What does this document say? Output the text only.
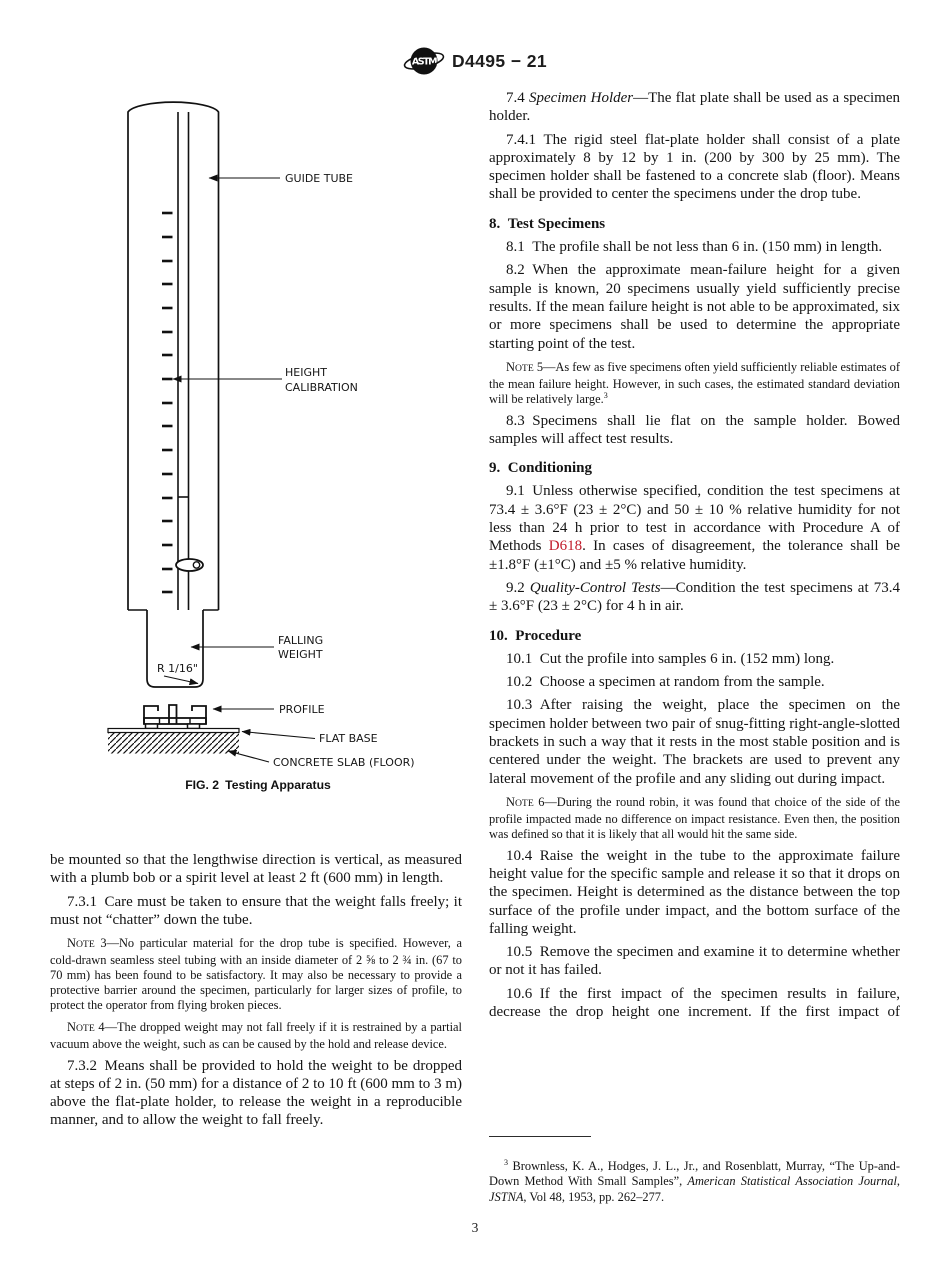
ASTM D4495 − 21
GUIDE TUBE
HEIGHT
CALIBRATION
FALLING
WEIGHT
R 1/16"
PROFILE
FLAT BASE
CONCRETE SLAB (FLOOR)
FIG. 2 Testing Apparatus

be mounted so that the lengthwise direction is vertical, as measured with a plumb bob or a spirit level at least 2 ft (600 mm) in length.

7.3.1 Care must be taken to ensure that the weight falls freely; it must not “chatter” down the tube.

NOTE 3—No particular material for the drop tube is specified. However, a cold-drawn seamless steel tubing with an inside diameter of 2 ⅝ to 2 ¾ in. (67 to 70 mm) has been found to be satisfactory. It may also be necessary to provide a protective barrier around the specimen, particularly for larger sizes of profile, to protect the operator from flying broken pieces.

NOTE 4—The dropped weight may not fall freely if it is restrained by a partial vacuum above the weight, such as can be caused by the hold and release device.

7.3.2 Means shall be provided to hold the weight to be dropped at steps of 2 in. (50 mm) for a distance of 2 to 10 ft (600 mm to 3 m) above the flat-plate holder, to release the weight in a reproducible manner, and to allow the weight to fall freely.

7.4 Specimen Holder—The flat plate shall be used as a specimen holder.

7.4.1 The rigid steel flat-plate holder shall consist of a plate approximately 8 by 12 by 1 in. (200 by 300 by 25 mm). The specimen holder shall be fastened to a concrete slab (floor). Means shall be provided to center the specimens under the drop tube.

8. Test Specimens

8.1 The profile shall be not less than 6 in. (150 mm) in length.

8.2 When the approximate mean-failure height for a given sample is known, 20 specimens usually yield sufficiently precise results. If the mean failure height is not able to be approximated, six or more specimens shall be used to determine the appropriate starting point of the test.

NOTE 5—As few as five specimens often yield sufficiently reliable estimates of the mean failure height. However, in such cases, the estimated standard deviation will be relatively large.$^3$

8.3 Specimens shall lie flat on the sample holder. Bowed samples will affect test results.

9. Conditioning

9.1 Unless otherwise specified, condition the test specimens at 73.4 ± 3.6°F (23 ± 2°C) and 50 ± 10 % relative humidity for not less than 24 h prior to test in accordance with Procedure A of Methods D618. In cases of disagreement, the tolerance shall be ±1.8°F (±1°C) and ±5 % relative humidity.

9.2 Quality-Control Tests—Condition the test specimens at 73.4 ± 3.6°F (23 ± 2°C) for 4 h in air.

10. Procedure

10.1 Cut the profile into samples 6 in. (152 mm) long.

10.2 Choose a specimen at random from the sample.

10.3 After raising the weight, place the specimen on the specimen holder between two pair of snug-fitting right-angle-slotted brackets in such a way that it rests in the most stable position and is centered under the weight. The brackets are used to prevent any lateral movement of the profile and any sliding out during impact.

NOTE 6—During the round robin, it was found that choice of the side of the profile impacted made no difference on impact resistance. Even then, the position was defined so that it is likely that all would hit the same side.

10.4 Raise the weight in the tube to the approximate failure height value for the specific sample and release it so that it drops on the specimen. Height is determined as the distance between the top surface of the profile under impact, and the bottom surface of the falling weight.

10.5 Remove the specimen and examine it to determine whether or not it has failed.

10.6 If the first impact of the specimen results in failure, decrease the drop height one increment. If the first impact of

$^3$ Brownless, K. A., Hodges, J. L., Jr., and Rosenblatt, Murray, “The Up-and-Down Method With Small Samples”, American Statistical Association Journal, JSTNA, Vol 48, 1953, pp. 262–277.

3
